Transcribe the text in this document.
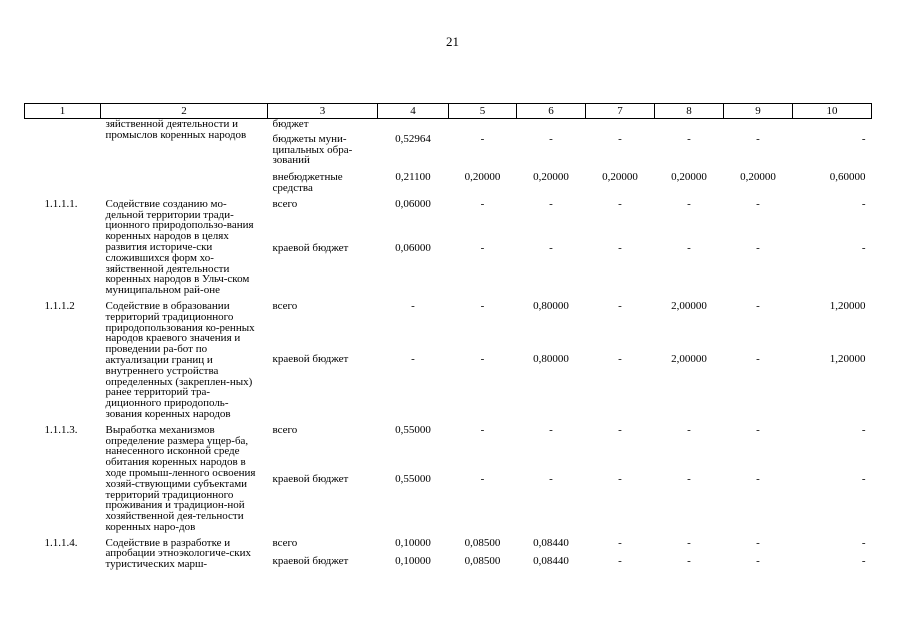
21
1	2	3	4	5	6	7	8	9	10
	зяйственной деятельности и промыслов коренных народов	бюджет							
		бюджеты муни-ципальных обра-зований	0,52964	-	-	-	-	-	-
		внебюджетные средства	0,21100	0,20000	0,20000	0,20000	0,20000	0,20000	0,60000

1.1.1.1.	Содействие созданию мо-дельной территории тради-ционного природопользо-вания коренных народов в целях развития историче-ски сложившихся форм хо-зяйственной деятельности коренных народов в Ульч-ском муниципальном рай-оне	всего	0,06000	-	-	-	-	-	-
		краевой бюджет	0,06000	-	-	-	-	-	-

1.1.1.2	Содействие в образовании территорий традиционного природопользования ко-ренных народов краевого значения и проведении ра-бот по актуализации границ и внутреннего устройства определенных (закреплен-ных) ранее территорий тра-диционного природополь-зования коренных народов	всего	-	-	0,80000	-	2,00000	-	1,20000
		краевой бюджет	-	-	0,80000	-	2,00000	-	1,20000

1.1.1.3.	Выработка механизмов определение размера ущер-ба, нанесенного исконной среде обитания коренных народов в ходе промыш-ленного освоения хозяй-ствующими субъектами территорий традиционного проживания и традицион-ной хозяйственной дея-тельности коренных наро-дов	всего	0,55000	-	-	-	-	-	-
		краевой бюджет	0,55000	-	-	-	-	-	-

1.1.1.4.	Содействие в разработке и апробации этноэкологиче-ских туристических марш-	всего	0,10000	0,08500	0,08440	-	-	-	-
		краевой бюджет	0,10000	0,08500	0,08440	-	-	-	-
